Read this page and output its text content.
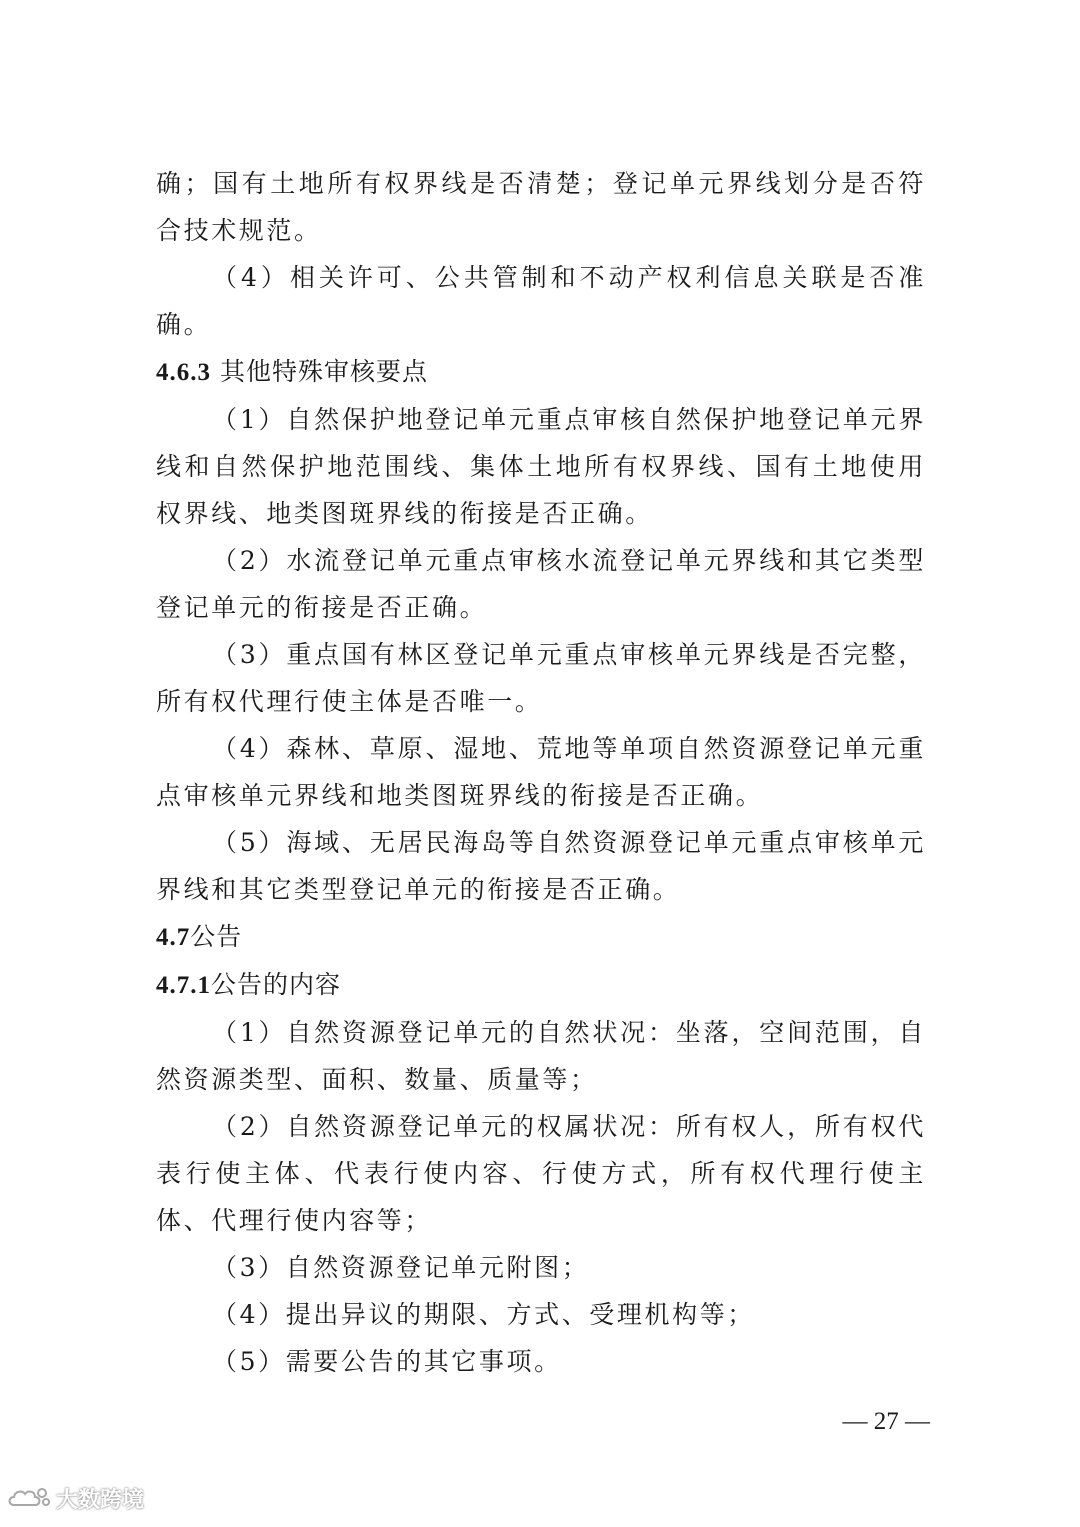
确；国有土地所有权界线是否清楚；登记单元界线划分是否符合技术规范。

（4）相关许可、公共管制和不动产权利信息关联是否准确。

4.6.3 其他特殊审核要点

（1）自然保护地登记单元重点审核自然保护地登记单元界线和自然保护地范围线、集体土地所有权界线、国有土地使用权界线、地类图斑界线的衔接是否正确。

（2）水流登记单元重点审核水流登记单元界线和其它类型登记单元的衔接是否正确。

（3）重点国有林区登记单元重点审核单元界线是否完整，所有权代理行使主体是否唯一。

（4）森林、草原、湿地、荒地等单项自然资源登记单元重点审核单元界线和地类图斑界线的衔接是否正确。

（5）海域、无居民海岛等自然资源登记单元重点审核单元界线和其它类型登记单元的衔接是否正确。

4.7公告

4.7.1公告的内容

（1）自然资源登记单元的自然状况：坐落，空间范围，自然资源类型、面积、数量、质量等；

（2）自然资源登记单元的权属状况：所有权人，所有权代表行使主体、代表行使内容、行使方式，所有权代理行使主体、代理行使内容等；

（3）自然资源登记单元附图；

（4）提出异议的期限、方式、受理机构等；

（5）需要公告的其它事项。

— 27 —
大数跨境
